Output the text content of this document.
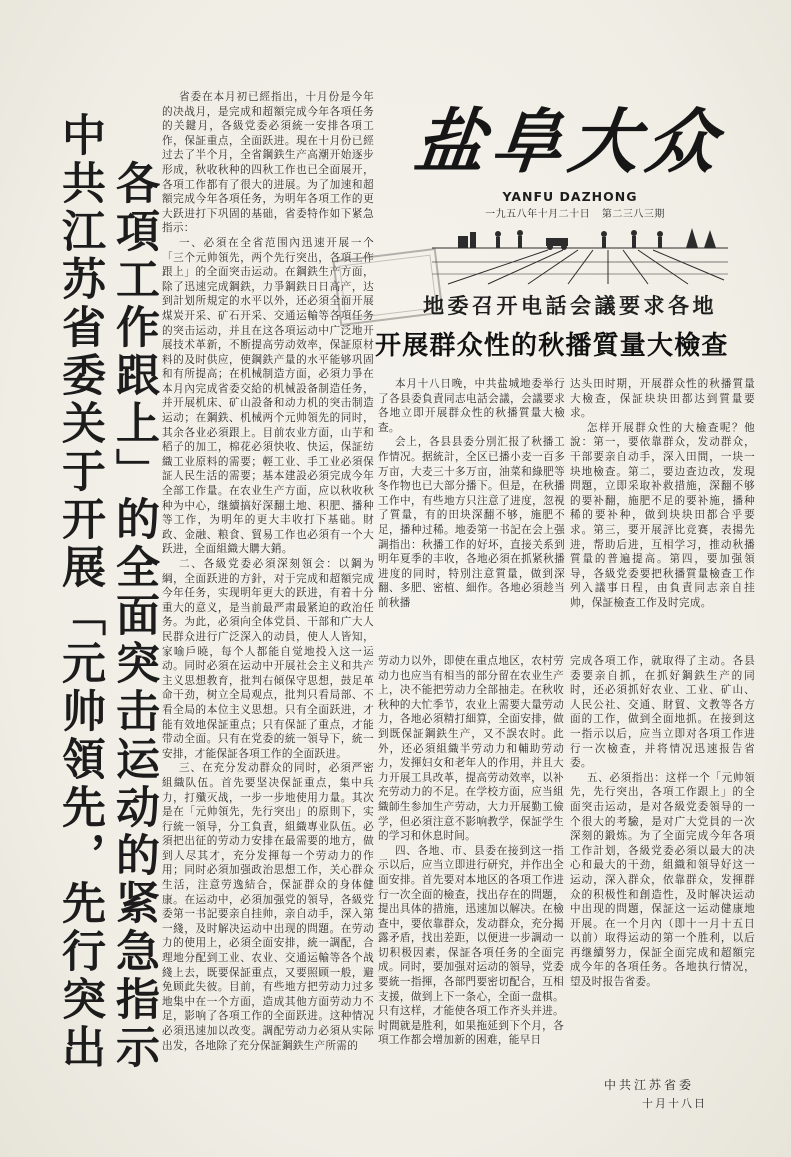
中共江苏省委关于开展「元帅領先，先行突出 各項工作跟上」的全面突击运动的紧急指示

省委在本月初已經指出，十月份是今年的决战月，是完成和超額完成今年各項任务的关鍵月，各級党委必須統一安排各項工作，保証重点，全面跃进。現在十月份已經过去了半个月，全省鋼鉄生产高潮开始逐步形成，秋收秋种的四秋工作也已全面展开，各項工作都有了很大的进展。为了加速和超額完成今年各項任务，为明年各項工作的更大跃进打下巩固的基础，省委特作如下紧急指示：

一、必須在全省范围內迅速开展一个「三个元帅領先，两个先行突出，各項工作跟上」的全面突击运动。在鋼鉄生产方面，除了迅速完成鋼鉄，力爭鋼鉄日日高产，达到計划所規定的水平以外，还必須全面开展煤炭开采、矿石开采、交通运輸等各項任务的突击运动，并且在这各項运动中广泛地开展技术革新，不断提高劳动效率，保証原材料的及时供应，使鋼鉄产量的水平能够巩固和有所提高；在机械制造方面，必須力爭在本月內完成省委交給的机械設备制造任务，并开展机床、矿山設备和动力机的突击制造运动；在鋼鉄、机械两个元帅領先的同时，其余各业必須跟上。目前农业方面，山芋和稻子的加工，棉花必須快收、快运，保証纺織工业原料的需要；輕工业、手工业必須保証人民生活的需要；基本建設必須完成今年全部工作量。在农业生产方面，应以秋收秋种为中心，继續搞好深翻土地、积肥、播种等工作，为明年的更大丰收打下基础。財政、金融、粮食、貿易工作也必須有一个大跃进，全面組織大購大銷。

二、各級党委必須深刻領会：以鋼为綱，全面跃进的方針，对于完成和超額完成今年任务，实现明年更大的跃进，有着十分重大的意义，是当前最严肃最紧迫的政治任务。为此，必須向全体党員、干部和广大人民群众进行广泛深入的动員，使人人皆知，家喻戶曉，每个人都能自觉地投入这一运动。同时必須在运动中开展社会主义和共产主义思想教育，批判右傾保守思想，鼓足革命干劲，树立全局观点，批判只看局部、不看全局的本位主义思想。只有全面跃进，才能有效地保証重点；只有保証了重点，才能带动全面。只有在党委的統一領导下，統一安排，才能保証各項工作的全面跃进。

三、在充分发动群众的同时，必須严密組織队伍。首先要坚决保証重点，集中兵力，打殲灭战，一步一步地使用力量。其次是在「元帅領先，先行突出」的原則下，实行統一領导，分工負責，組織專业队伍。必須把出征的劳动力安排在最需要的地方，做到人尽其才，充分发揮每一个劳动力的作用；同时必須加强政治思想工作，关心群众生活，注意劳逸結合，保証群众的身体健康。在运动中，必須加强党的領导，各級党委第一书記要亲自挂帅，亲自动手，深入第一綫，及时解决运动中出现的問題。在劳动力的使用上，必須全面安排，統一調配，合理地分配到工业、农业、交通运輸等各个战綫上去，既要保証重点，又要照顾一般，避免顾此失彼。目前，有些地方把劳动力过多地集中在一个方面，造成其他方面劳动力不足，影响了各項工作的全面跃进。这种情况必須迅速加以改变。調配劳动力必須从实际出发，各地除了充分保証鋼鉄生产所需的

盐阜大众
YANFU DAZHONG
一九五八年十月二十日 第二三八三期
地委召开电話会議要求各地
开展群众性的秋播質量大檢查

本月十八日晚，中共盐城地委举行了各县委負責同志电話会議，会議要求各地立即开展群众性的秋播質量大檢查。

会上，各县县委分別汇报了秋播工作情况。据統計，全区已播小麦一百多万亩，大麦三十多万亩，油菜和綠肥等冬作物也已大部分播下。但是，在秋播工作中，有些地方只注意了进度，忽視了質量，有的田块深翻不够，施肥不足，播种过稀。地委第一书記在会上强調指出：秋播工作的好坏，直接关系到明年夏季的丰收，各地必須在抓紧秋播进度的同时，特別注意質量，做到深翻、多肥、密植、細作。各地必須趁当前秋播

达头田时期，开展群众性的秋播質量大檢查，保証块块田都达到質量要求。

怎样开展群众性的大檢查呢？他說：第一，要依靠群众，发动群众，干部要亲自动手，深入田間，一块一块地檢查。第二，要边查边改，发現問題，立即采取补救措施，深翻不够的要补翻，施肥不足的要补施，播种稀的要补种，做到块块田都合乎要求。第三，要开展評比竞赛，表揚先进，帮助后进，互相学习，推动秋播質量的普遍提高。第四，要加强領导，各級党委要把秋播質量檢查工作列入議事日程，由負責同志亲自挂帅，保証檢查工作及时完成。

劳动力以外，即使在重点地区，农村劳动力也应当有相当的部分留在农业生产上，决不能把劳动力全部抽走。在秋收秋种的大忙季节，农业上需要大量劳动力，各地必須精打細算，全面安排，做到既保証鋼鉄生产，又不誤农时。此外，还必須組織半劳动力和輔助劳动力，发揮妇女和老年人的作用，并且大力开展工具改革，提高劳动效率，以补充劳动力的不足。在学校方面，应当組織師生参加生产劳动，大力开展勤工儉学，但必須注意不影响教学，保証学生的学习和休息时间。

四、各地、市、县委在接到这一指示以后，应当立即进行研究，并作出全面安排。首先要对本地区的各項工作进行一次全面的檢查，找出存在的問題，提出具体的措施，迅速加以解决。在檢查中，要依靠群众，发动群众，充分揭露矛盾，找出差距，以便进一步調动一切积极因素，保証各項任务的全面完成。同时，要加强对运动的領导，党委要統一指揮，各部門要密切配合，互相支援，做到上下一条心，全面一盘棋。只有这样，才能使各項工作齐头并进。时間就是胜利，如果拖延到下个月，各項工作都会增加新的困难，能早日

完成各項工作，就取得了主动。各县委要亲自抓，在抓好鋼鉄生产的同时，还必須抓好农业、工业、矿山、人民公社、交通、財貿、文教等各方面的工作，做到全面地抓。在接到这一指示以后，应当立即对各項工作进行一次檢查，并将情况迅速报告省委。

五、必須指出：这样一个「元帅領先，先行突出，各項工作跟上」的全面突击运动，是对各級党委領导的一个很大的考驗，是对广大党員的一次深刻的鍛炼。为了全面完成今年各項工作計划，各級党委必須以最大的决心和最大的干劲，組織和領导好这一运动，深入群众，依靠群众，发揮群众的积极性和創造性，及时解决运动中出现的問題，保証这一运动健康地开展。在一个月內（即十一月十五日以前）取得运动的第一个胜利，以后再继續努力，保証全面完成和超額完成今年的各項任务。各地执行情况，望及时报告省委。

中共江苏省委
十月十八日
